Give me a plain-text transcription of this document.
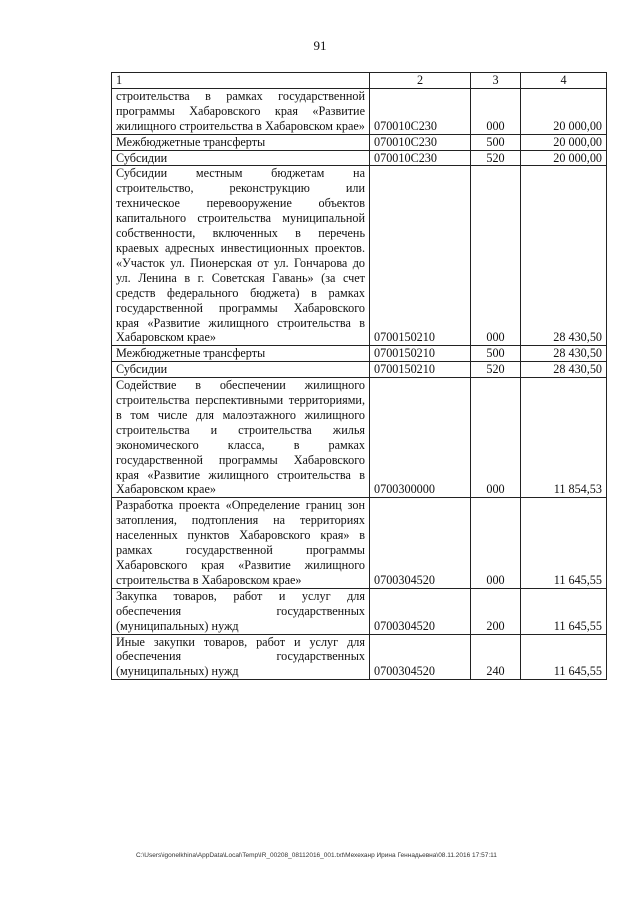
91
1	2	3	4
строительства в рамках государственной программы Хабаровского края «Развитие жилищного строительства в Хабаровском крае»	070010С230	000	20 000,00
Межбюджетные трансферты	070010С230	500	20 000,00
Субсидии	070010С230	520	20 000,00
Субсидии местным бюджетам на строительство, реконструкцию или техническое перевооружение объектов капитального строительства муниципальной собственности, включенных в перечень краевых адресных инвестиционных проектов. «Участок ул. Пионерская от ул. Гончарова до ул. Ленина в г. Советская Гавань» (за счет средств федерального бюджета) в рамках государственной программы Хабаровского края «Развитие жилищного строительства в Хабаровском крае»	0700150210	000	28 430,50
Межбюджетные трансферты	0700150210	500	28 430,50
Субсидии	0700150210	520	28 430,50
Содействие в обеспечении жилищного строительства перспективными территориями, в том числе для малоэтажного жилищного строительства и строительства жилья экономического класса, в рамках государственной программы Хабаровского края «Развитие жилищного строительства в Хабаровском крае»	0700300000	000	11 854,53
Разработка проекта «Определение границ зон затопления, подтопления на территориях населенных пунктов Хабаровского края» в рамках государственной программы Хабаровского края «Развитие жилищного строительства в Хабаровском крае»	0700304520	000	11 645,55
Закупка товаров, работ и услуг для обеспечения государственных (муниципальных) нужд	0700304520	200	11 645,55
Иные закупки товаров, работ и услуг для обеспечения государственных (муниципальных) нужд	0700304520	240	11 645,55
C:\Users\igonelkhina\AppData\Local\Temp\IR_00208_08112016_001.txt\Мехеханр Ирина Геннадьевна\08.11.2016 17:57:11
